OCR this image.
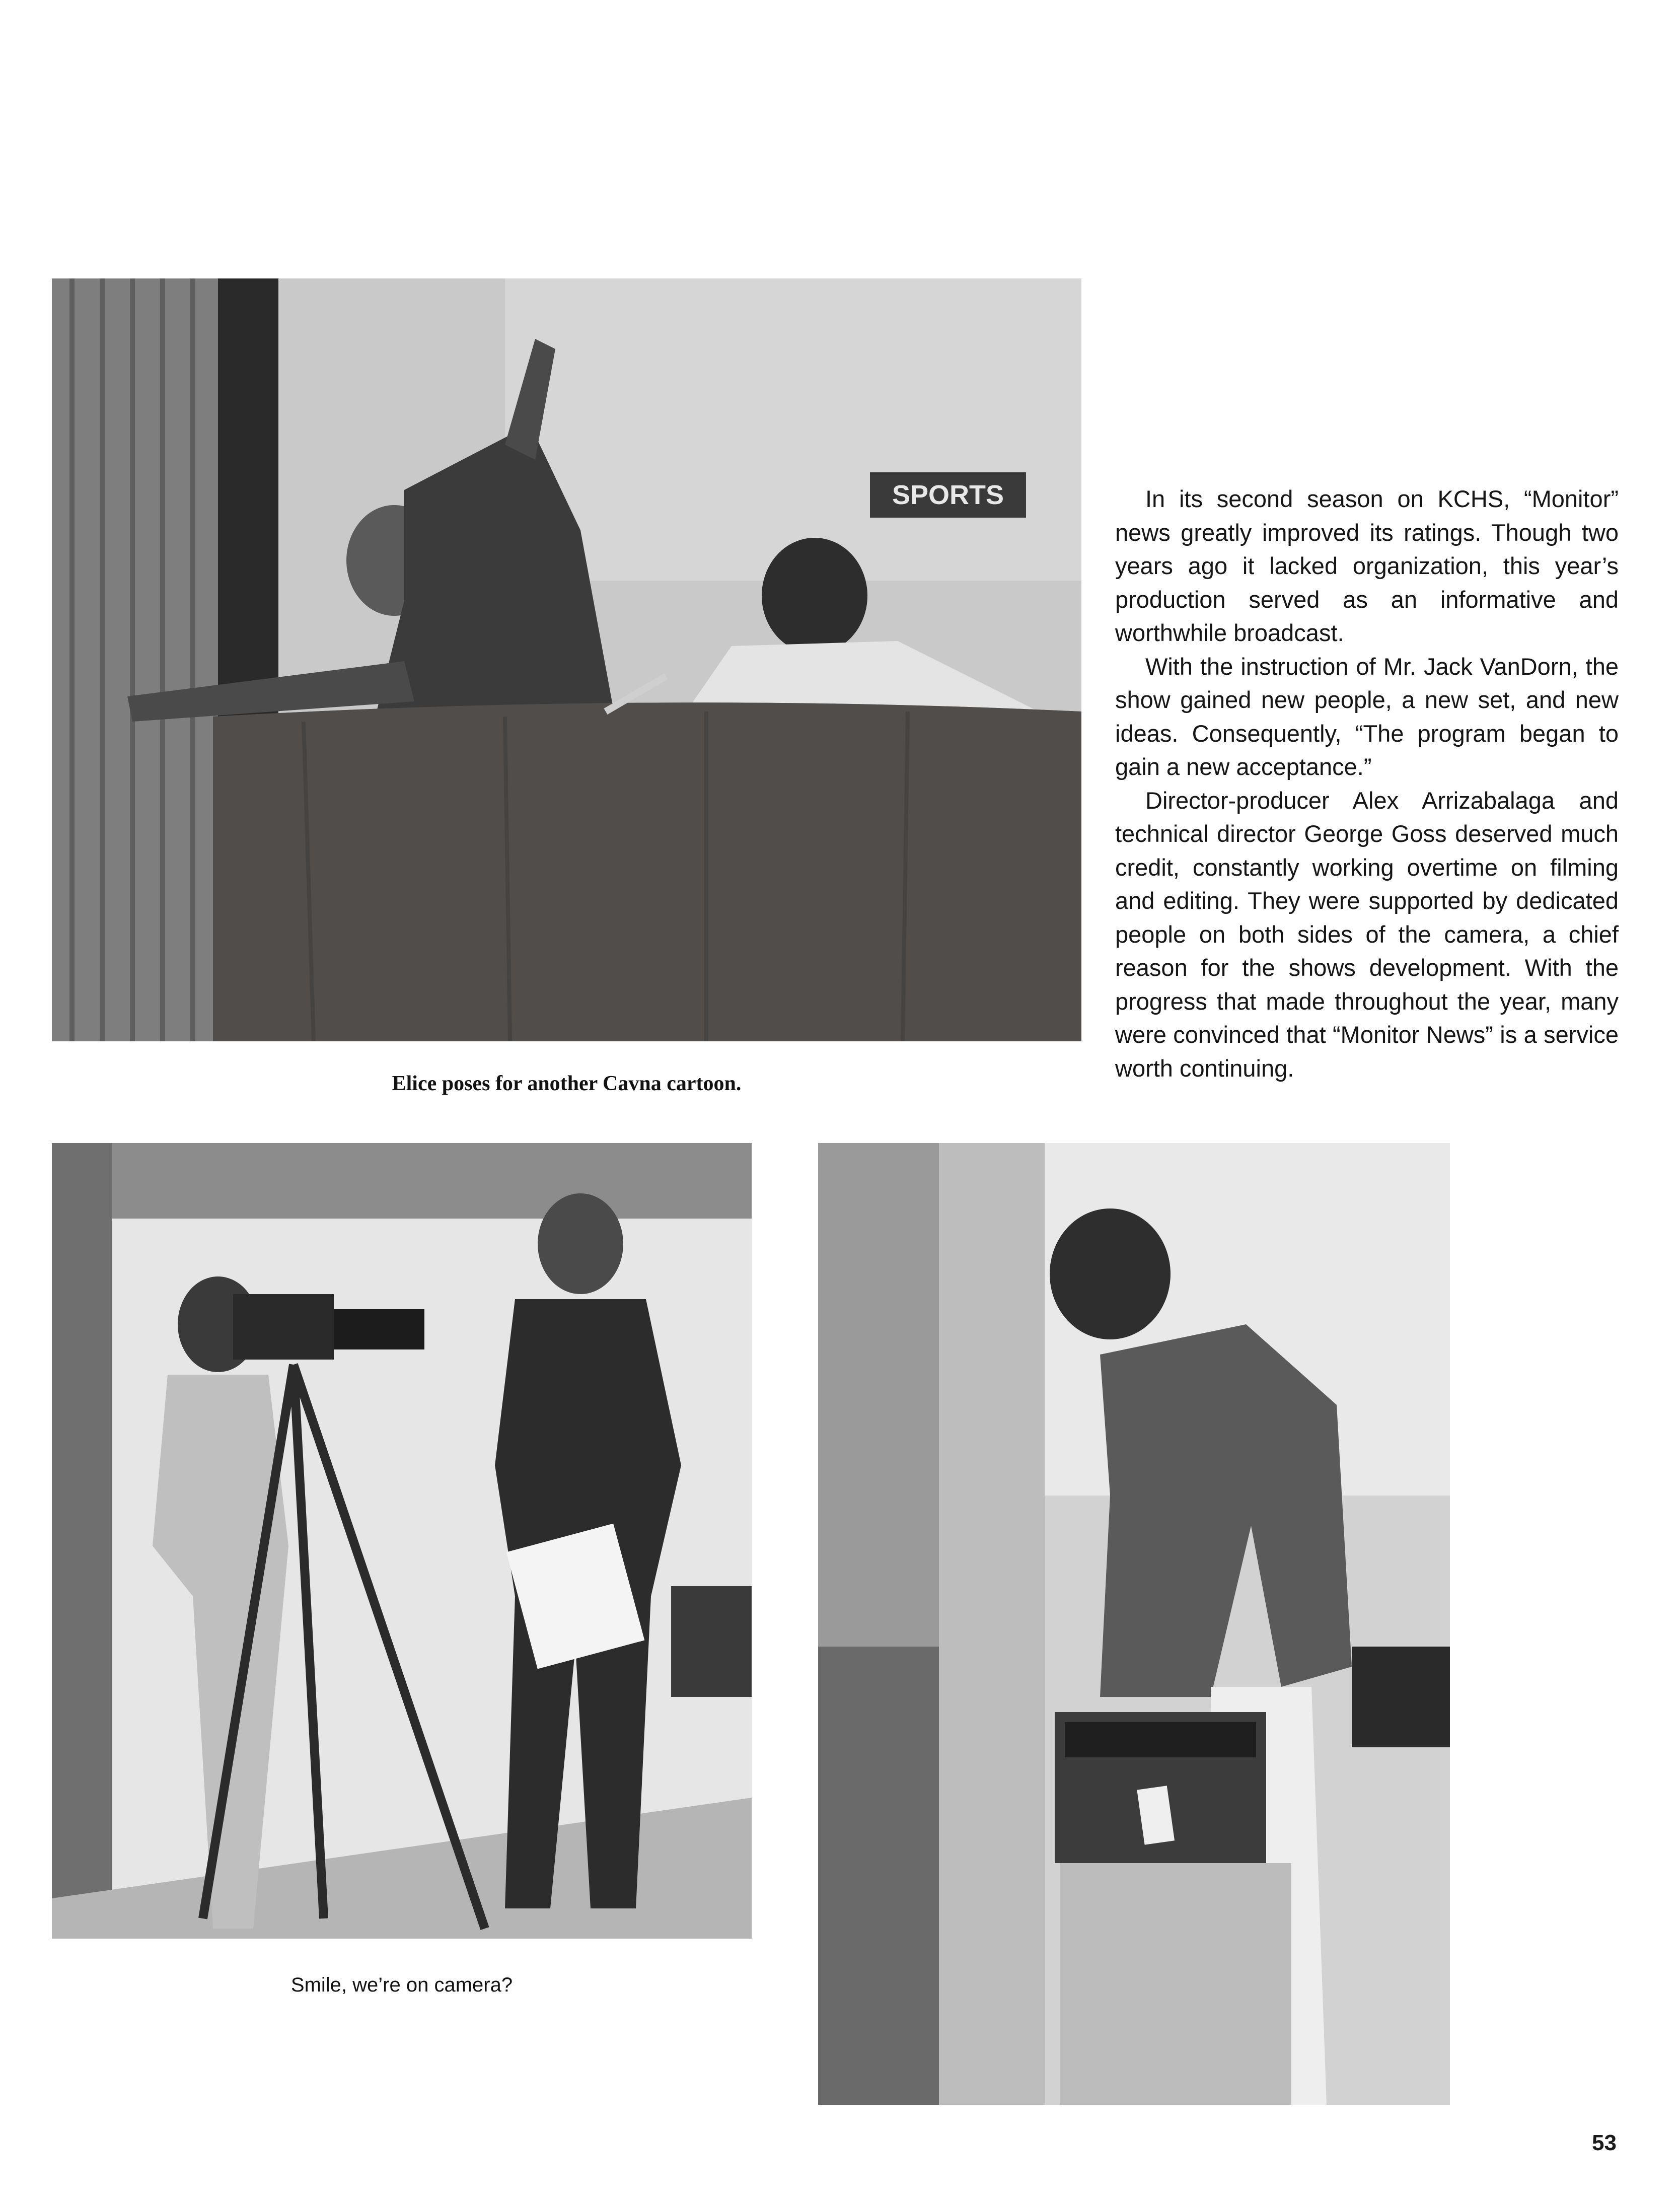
SPORTS
Elice poses for another Cavna cartoon.

In its second season on KCHS, “Monitor” news greatly improved its ratings. Though two years ago it lacked organization, this year’s production served as an informative and worthwhile broadcast.

With the instruction of Mr. Jack VanDorn, the show gained new people, a new set, and new ideas. Consequently, “The program began to gain a new acceptance.”

Director-producer Alex Arrizabalaga and technical director George Goss deserved much credit, constantly working overtime on filming and editing. They were supported by dedicated people on both sides of the camera, a chief reason for the shows development. With the progress that made throughout the year, many were convinced that “Monitor News” is a service worth continuing.

Smile, we’re on camera?
53
